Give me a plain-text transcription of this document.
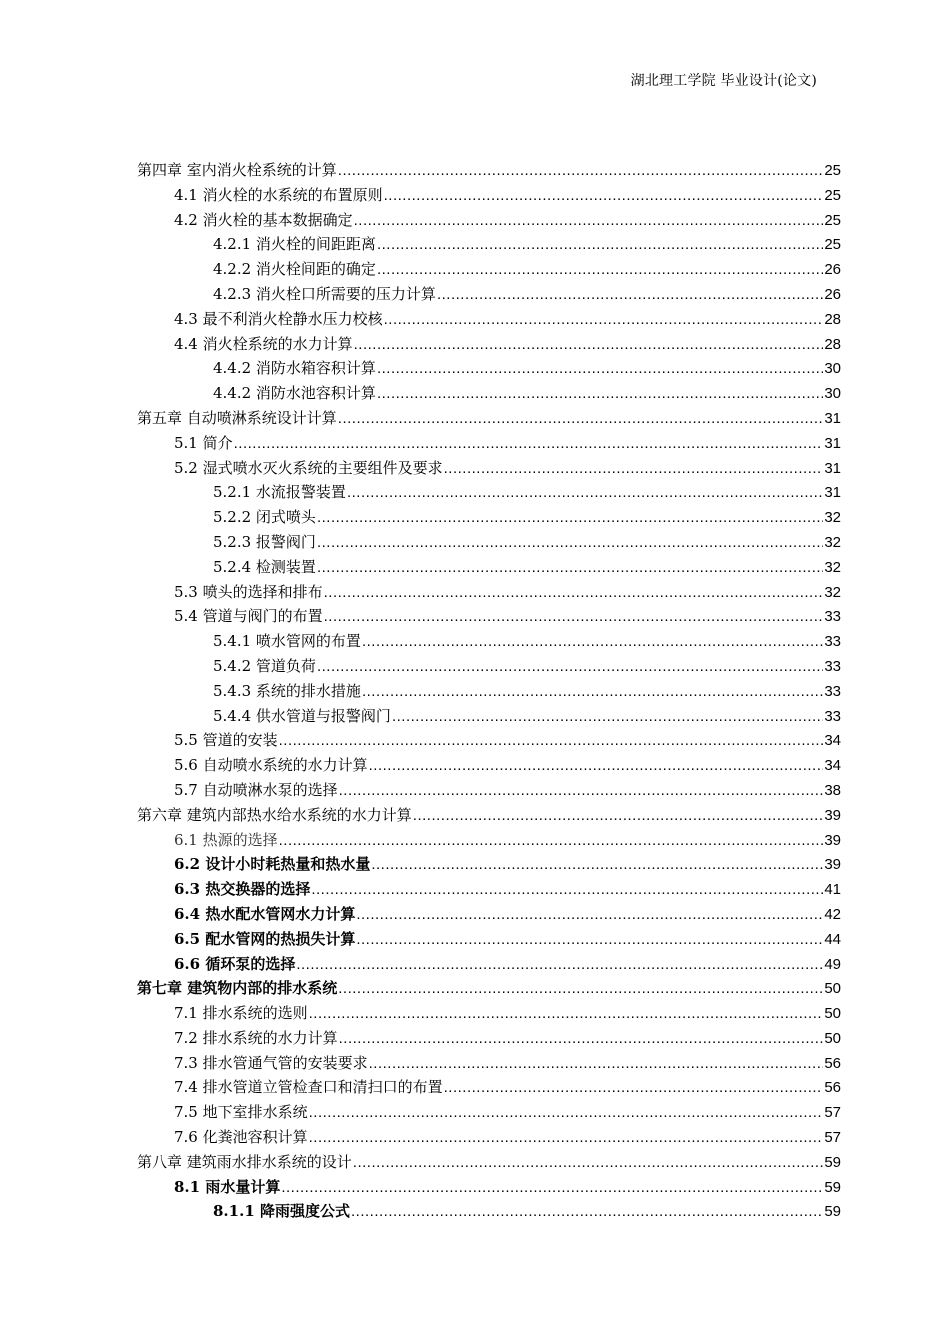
湖北理工学院 毕业设计(论文)
第四章 室内消火栓系统的计算 .....	25
4.1 消火栓的水系统的布置原则 .....	25
4.2 消火栓的基本数据确定 .....	25
4.2.1 消火栓的间距距离 .....	25
4.2.2 消火栓间距的确定 .....	26
4.2.3 消火栓口所需要的压力计算 .....	26
4.3 最不利消火栓静水压力校核 .....	28
4.4 消火栓系统的水力计算 .....	28
4.4.2 消防水箱容积计算 .....	30
4.4.2 消防水池容积计算 .....	30
第五章 自动喷淋系统设计计算 .....	31
5.1 简介 .....	31
5.2 湿式喷水灭火系统的主要组件及要求 .....	31
5.2.1 水流报警装置 .....	31
5.2.2 闭式喷头 .....	32
5.2.3 报警阀门 .....	32
5.2.4 检测装置 .....	32
5.3 喷头的选择和排布 .....	32
5.4 管道与阀门的布置 .....	33
5.4.1 喷水管网的布置 .....	33
5.4.2 管道负荷 .....	33
5.4.3 系统的排水措施 .....	33
5.4.4 供水管道与报警阀门 .....	33
5.5 管道的安装 .....	34
5.6 自动喷水系统的水力计算 .....	34
5.7 自动喷淋水泵的选择 .....	38
第六章 建筑内部热水给水系统的水力计算 .....	39
6.1 热源的选择 .....	39
6.2 设计小时耗热量和热水量 .....	39
6.3 热交换器的选择 .....	41
6.4 热水配水管网水力计算 .....	42
6.5 配水管网的热损失计算 .....	44
6.6 循环泵的选择 .....	49
第七章 建筑物内部的排水系统 .....	50
7.1 排水系统的选则 .....	50
7.2 排水系统的水力计算 .....	50
7.3 排水管通气管的安装要求 .....	56
7.4 排水管道立管检查口和清扫口的布置 .....	56
7.5 地下室排水系统 .....	57
7.6 化粪池容积计算 .....	57
第八章 建筑雨水排水系统的设计 .....	59
8.1 雨水量计算 .....	59
8.1.1 降雨强度公式 .....	59
